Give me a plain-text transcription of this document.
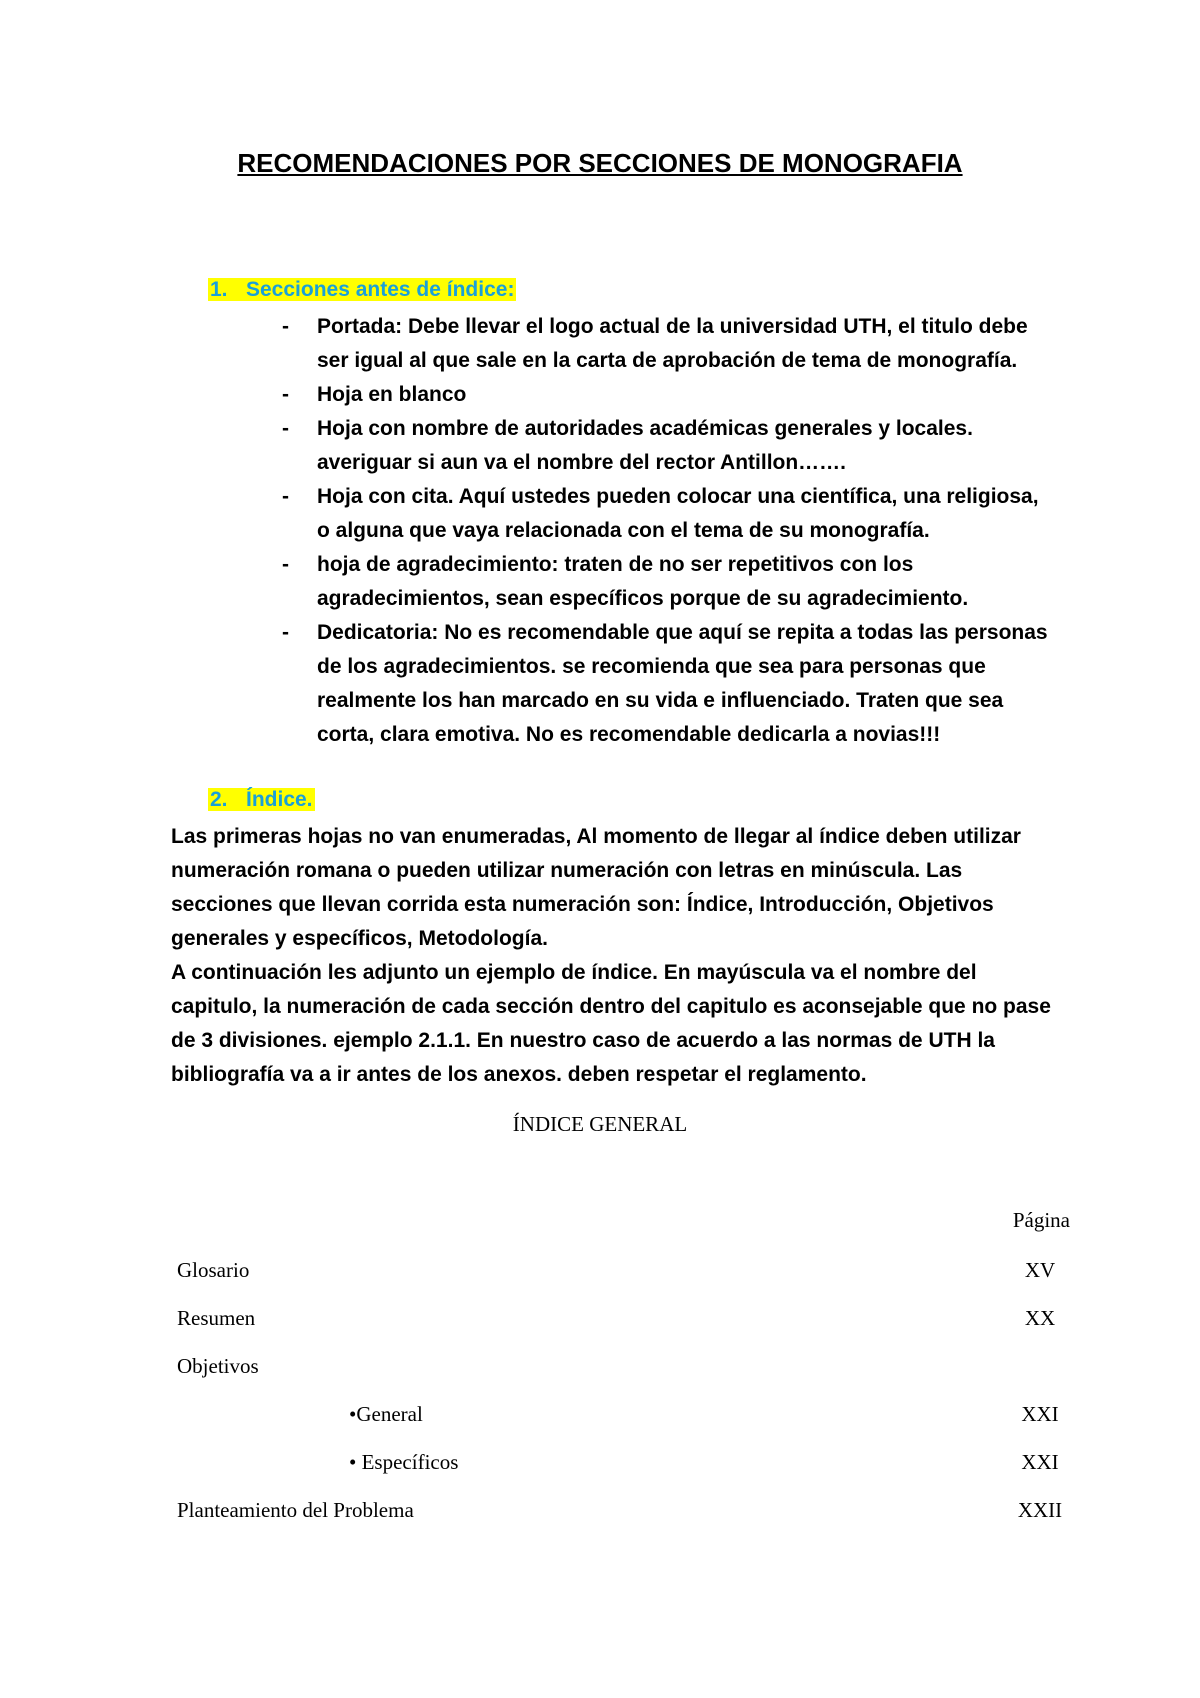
RECOMENDACIONES POR SECCIONES DE MONOGRAFIA
1. Secciones antes de índice:
- Portada: Debe llevar el logo actual de la universidad UTH, el titulo debe ser igual al que sale en la carta de aprobación de tema de monografía.
- Hoja en blanco
- Hoja con nombre de autoridades académicas generales y locales. averiguar si aun va el nombre del rector Antillon…….
- Hoja con cita. Aquí ustedes pueden colocar una científica, una religiosa, o alguna que vaya relacionada con el tema de su monografía.
- hoja de agradecimiento: traten de no ser repetitivos con los agradecimientos, sean específicos porque de su agradecimiento.
- Dedicatoria: No es recomendable que aquí se repita a todas las personas de los agradecimientos. se recomienda que sea para personas que realmente los han marcado en su vida e influenciado. Traten que sea corta, clara emotiva. No es recomendable dedicarla a novias!!!
2. Índice.
Las primeras hojas no van enumeradas, Al momento de llegar al índice deben utilizar numeración romana o pueden utilizar numeración con letras en minúscula. Las secciones que llevan corrida esta numeración son: Índice, Introducción, Objetivos generales y específicos, Metodología.
A continuación les adjunto un ejemplo de índice. En mayúscula va el nombre del capitulo, la numeración de cada sección dentro del capitulo es aconsejable que no pase de 3 divisiones. ejemplo 2.1.1. En nuestro caso de acuerdo a las normas de UTH la bibliografía va a ir antes de los anexos. deben respetar el reglamento.
ÍNDICE GENERAL
Página
Glosario	XV
Resumen	XX
Objetivos
•General	XXI
• Específicos	XXI
Planteamiento del Problema	XXII
